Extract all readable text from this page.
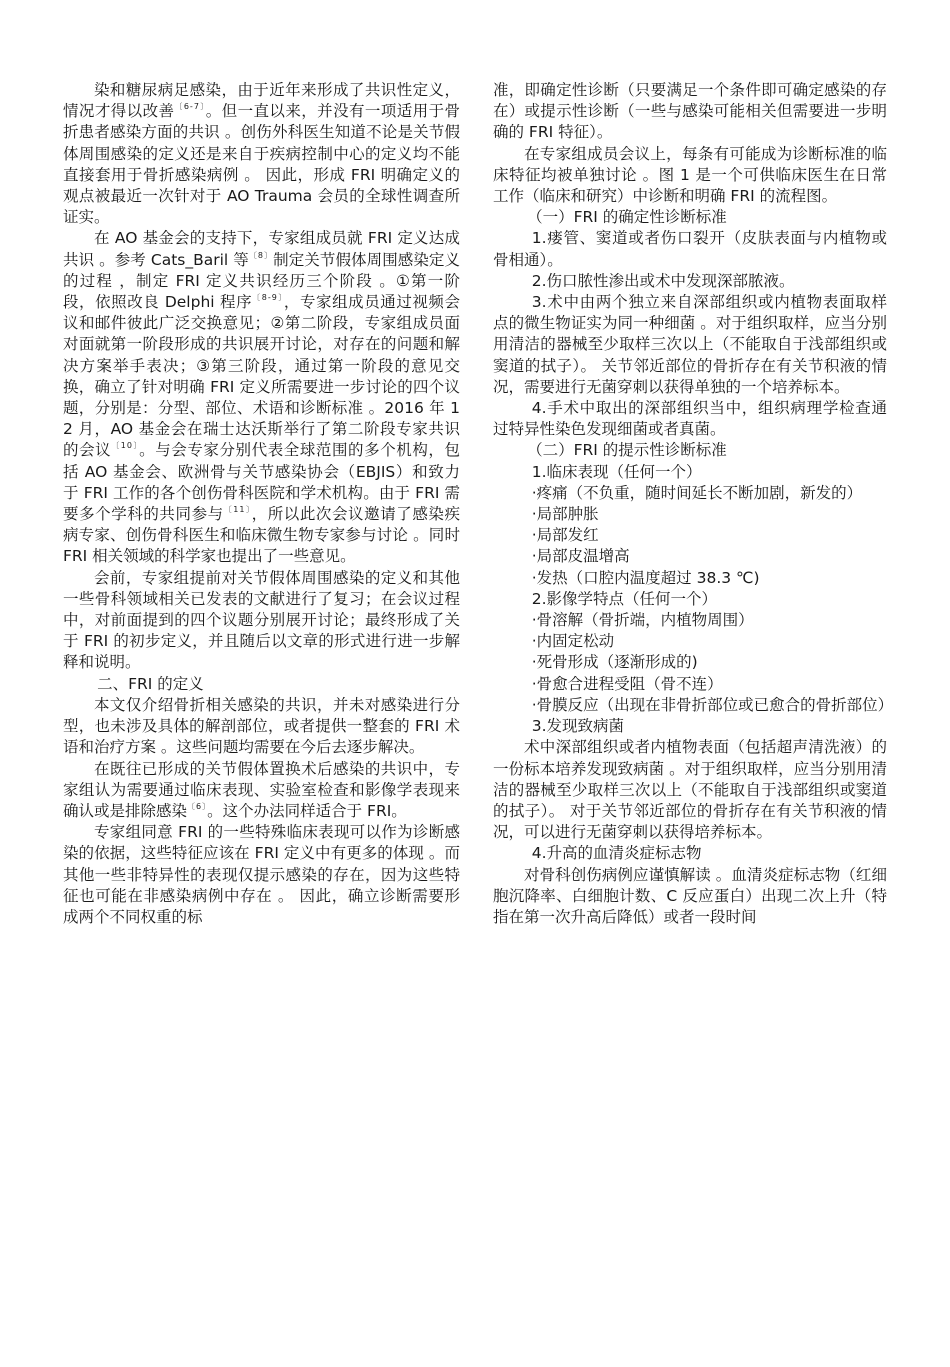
染和糖尿病足感染，由于近年来形成了共识性定义，情况才得以改善$^{〔6-7〕}$。但一直以来，并没有一项适用于骨折患者感染方面的共识 。创伤外科医生知道不论是关节假体周围感染的定义还是来自于疾病控制中心的定义均不能直接套用于骨折感染病例 。 因此，形成 FRI 明确定义的观点被最近一次针对于 AO Trauma 会员的全球性调查所证实。

在 AO 基金会的支持下，专家组成员就 FRI 定义达成共识 。参考 Cats_Baril 等$^{〔8〕}$制定关节假体周围感染定义的过程 ，制定 FRI 定义共识经历三个阶段 。①第一阶段，依照改良 Delphi 程序$^{〔8-9〕}$，专家组成员通过视频会议和邮件彼此广泛交换意见；②第二阶段，专家组成员面对面就第一阶段形成的共识展开讨论，对存在的问题和解决方案举手表决；③第三阶段，通过第一阶段的意见交换，确立了针对明确 FRI 定义所需要进一步讨论的四个议题，分别是：分型、部位、术语和诊断标准 。2016 年 12 月，AO 基金会在瑞士达沃斯举行了第二阶段专家共识的会议$^{〔10〕}$。与会专家分别代表全球范围的多个机构，包括 AO 基金会、欧洲骨与关节感染协会（EBJIS）和致力于 FRI 工作的各个创伤骨科医院和学术机构。由于 FRI 需要多个学科的共同参与$^{〔11〕}$，所以此次会议邀请了感染疾病专家、创伤骨科医生和临床微生物专家参与讨论 。同时 FRI 相关领域的科学家也提出了一些意见。

会前，专家组提前对关节假体周围感染的定义和其他一些骨科领域相关已发表的文献进行了复习；在会议过程中，对前面提到的四个议题分别展开讨论；最终形成了关于 FRI 的初步定义，并且随后以文章的形式进行进一步解释和说明。

二、FRI 的定义

本文仅介绍骨折相关感染的共识，并未对感染进行分型，也未涉及具体的解剖部位，或者提供一整套的 FRI 术语和治疗方案 。这些问题均需要在今后去逐步解决。

在既往已形成的关节假体置换术后感染的共识中，专家组认为需要通过临床表现、实验室检查和影像学表现来确认或是排除感染$^{〔6〕}$。这个办法同样适合于 FRI。

专家组同意 FRI 的一些特殊临床表现可以作为诊断感染的依据，这些特征应该在 FRI 定义中有更多的体现 。而其他一些非特异性的表现仅提示感染的存在，因为这些特征也可能在非感染病例中存在 。 因此，确立诊断需要形成两个不同权重的标

准，即确定性诊断（只要满足一个条件即可确定感染的存在）或提示性诊断（一些与感染可能相关但需要进一步明确的 FRI 特征）。

在专家组成员会议上，每条有可能成为诊断标准的临床特征均被单独讨论 。图 1 是一个可供临床医生在日常工作（临床和研究）中诊断和明确 FRI 的流程图。

（一）FRI 的确定性诊断标准

1.瘘管、窦道或者伤口裂开（皮肤表面与内植物或骨相通）。

2.伤口脓性渗出或术中发现深部脓液。

3.术中由两个独立来自深部组织或内植物表面取样点的微生物证实为同一种细菌 。对于组织取样，应当分别用清洁的器械至少取样三次以上（不能取自于浅部组织或窦道的拭子）。 关节邻近部位的骨折存在有关节积液的情况，需要进行无菌穿刺以获得单独的一个培养标本。

4.手术中取出的深部组织当中，组织病理学检查通过特异性染色发现细菌或者真菌。

（二）FRI 的提示性诊断标准

1.临床表现（任何一个）

·疼痛（不负重，随时间延长不断加剧，新发的）

·局部肿胀

·局部发红

·局部皮温增高

·发热（口腔内温度超过 38.3 ℃)

2.影像学特点（任何一个）

·骨溶解（骨折端，内植物周围）

·内固定松动

·死骨形成（逐渐形成的)

·骨愈合进程受阻（骨不连）

·骨膜反应（出现在非骨折部位或已愈合的骨折部位）

3.发现致病菌

术中深部组织或者内植物表面（包括超声清洗液）的一份标本培养发现致病菌 。对于组织取样，应当分别用清洁的器械至少取样三次以上（不能取自于浅部组织或窦道的拭子）。 对于关节邻近部位的骨折存在有关节积液的情况，可以进行无菌穿刺以获得培养标本。

4.升高的血清炎症标志物

对骨科创伤病例应谨慎解读 。血清炎症标志物（红细胞沉降率、白细胞计数、C 反应蛋白）出现二次上升（特指在第一次升高后降低）或者一段时间
